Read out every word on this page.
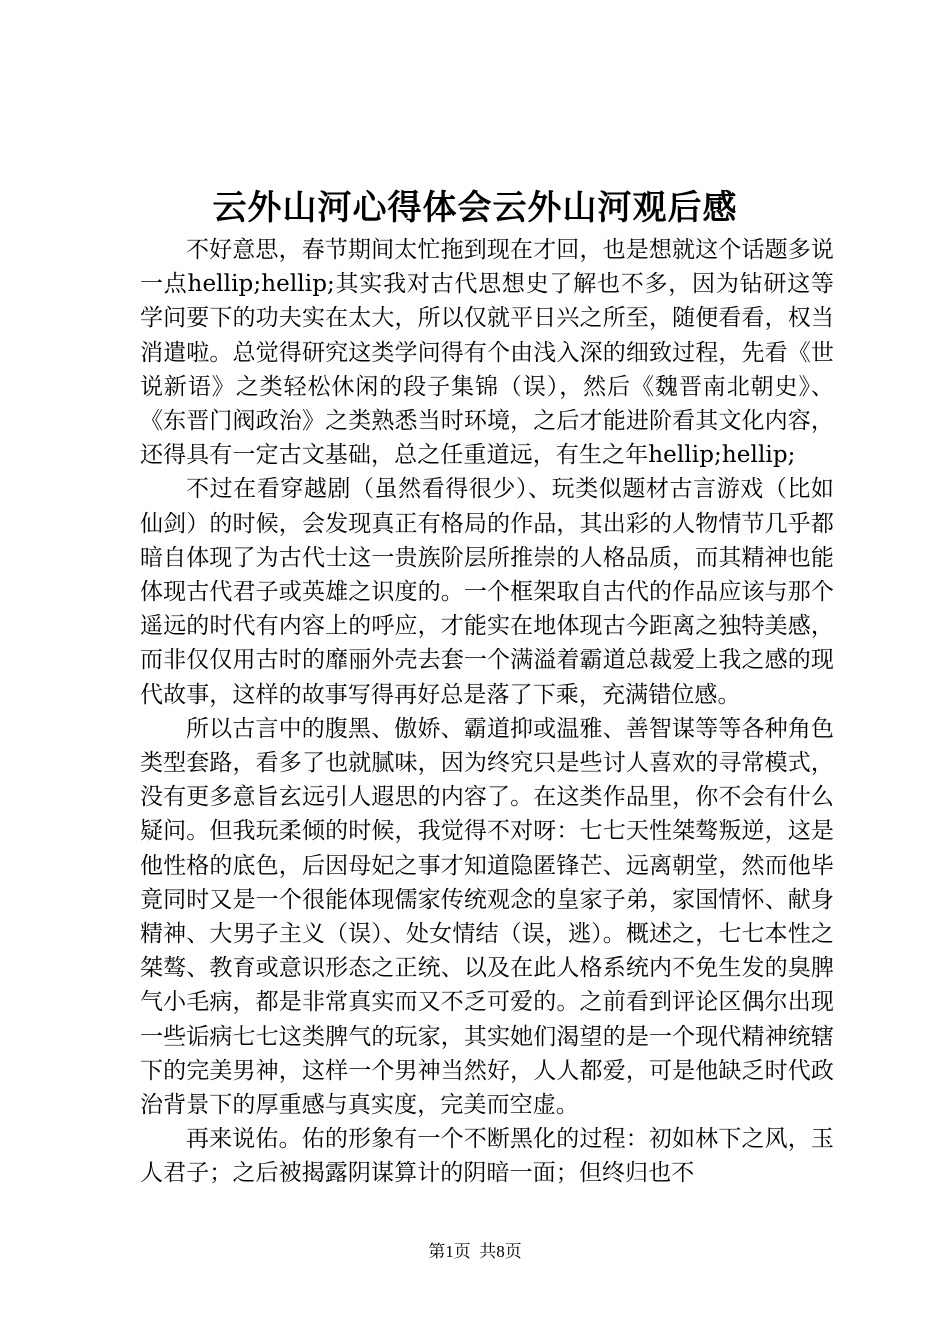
云外山河心得体会云外山河观后感

不好意思，春节期间太忙拖到现在才回，也是想就这个话题多说一点hellip;hellip;其实我对古代思想史了解也不多，因为钻研这等学问要下的功夫实在太大，所以仅就平日兴之所至，随便看看，权当消遣啦。总觉得研究这类学问得有个由浅入深的细致过程，先看《世说新语》之类轻松休闲的段子集锦（误），然后《魏晋南北朝史》、《东晋门阀政治》之类熟悉当时环境，之后才能进阶看其文化内容，还得具有一定古文基础，总之任重道远，有生之年hellip;hellip;

不过在看穿越剧（虽然看得很少）、玩类似题材古言游戏（比如仙剑）的时候，会发现真正有格局的作品，其出彩的人物情节几乎都暗自体现了为古代士这一贵族阶层所推崇的人格品质，而其精神也能体现古代君子或英雄之识度的。一个框架取自古代的作品应该与那个遥远的时代有内容上的呼应，才能实在地体现古今距离之独特美感，而非仅仅用古时的靡丽外壳去套一个满溢着霸道总裁爱上我之感的现代故事，这样的故事写得再好总是落了下乘，充满错位感。

所以古言中的腹黑、傲娇、霸道抑或温雅、善智谋等等各种角色类型套路，看多了也就腻味，因为终究只是些讨人喜欢的寻常模式，没有更多意旨玄远引人遐思的内容了。在这类作品里，你不会有什么疑问。但我玩柔倾的时候，我觉得不对呀：七七天性桀骜叛逆，这是他性格的底色，后因母妃之事才知道隐匿锋芒、远离朝堂，然而他毕竟同时又是一个很能体现儒家传统观念的皇家子弟，家国情怀、献身精神、大男子主义（误）、处女情结（误，逃）。概述之，七七本性之桀骜、教育或意识形态之正统、以及在此人格系统内不免生发的臭脾气小毛病，都是非常真实而又不乏可爱的。之前看到评论区偶尔出现一些诟病七七这类脾气的玩家，其实她们渴望的是一个现代精神统辖下的完美男神，这样一个男神当然好，人人都爱，可是他缺乏时代政治背景下的厚重感与真实度，完美而空虚。

再来说佑。佑的形象有一个不断黑化的过程：初如林下之风，玉人君子；之后被揭露阴谋算计的阴暗一面；但终归也不

第1页  共8页
